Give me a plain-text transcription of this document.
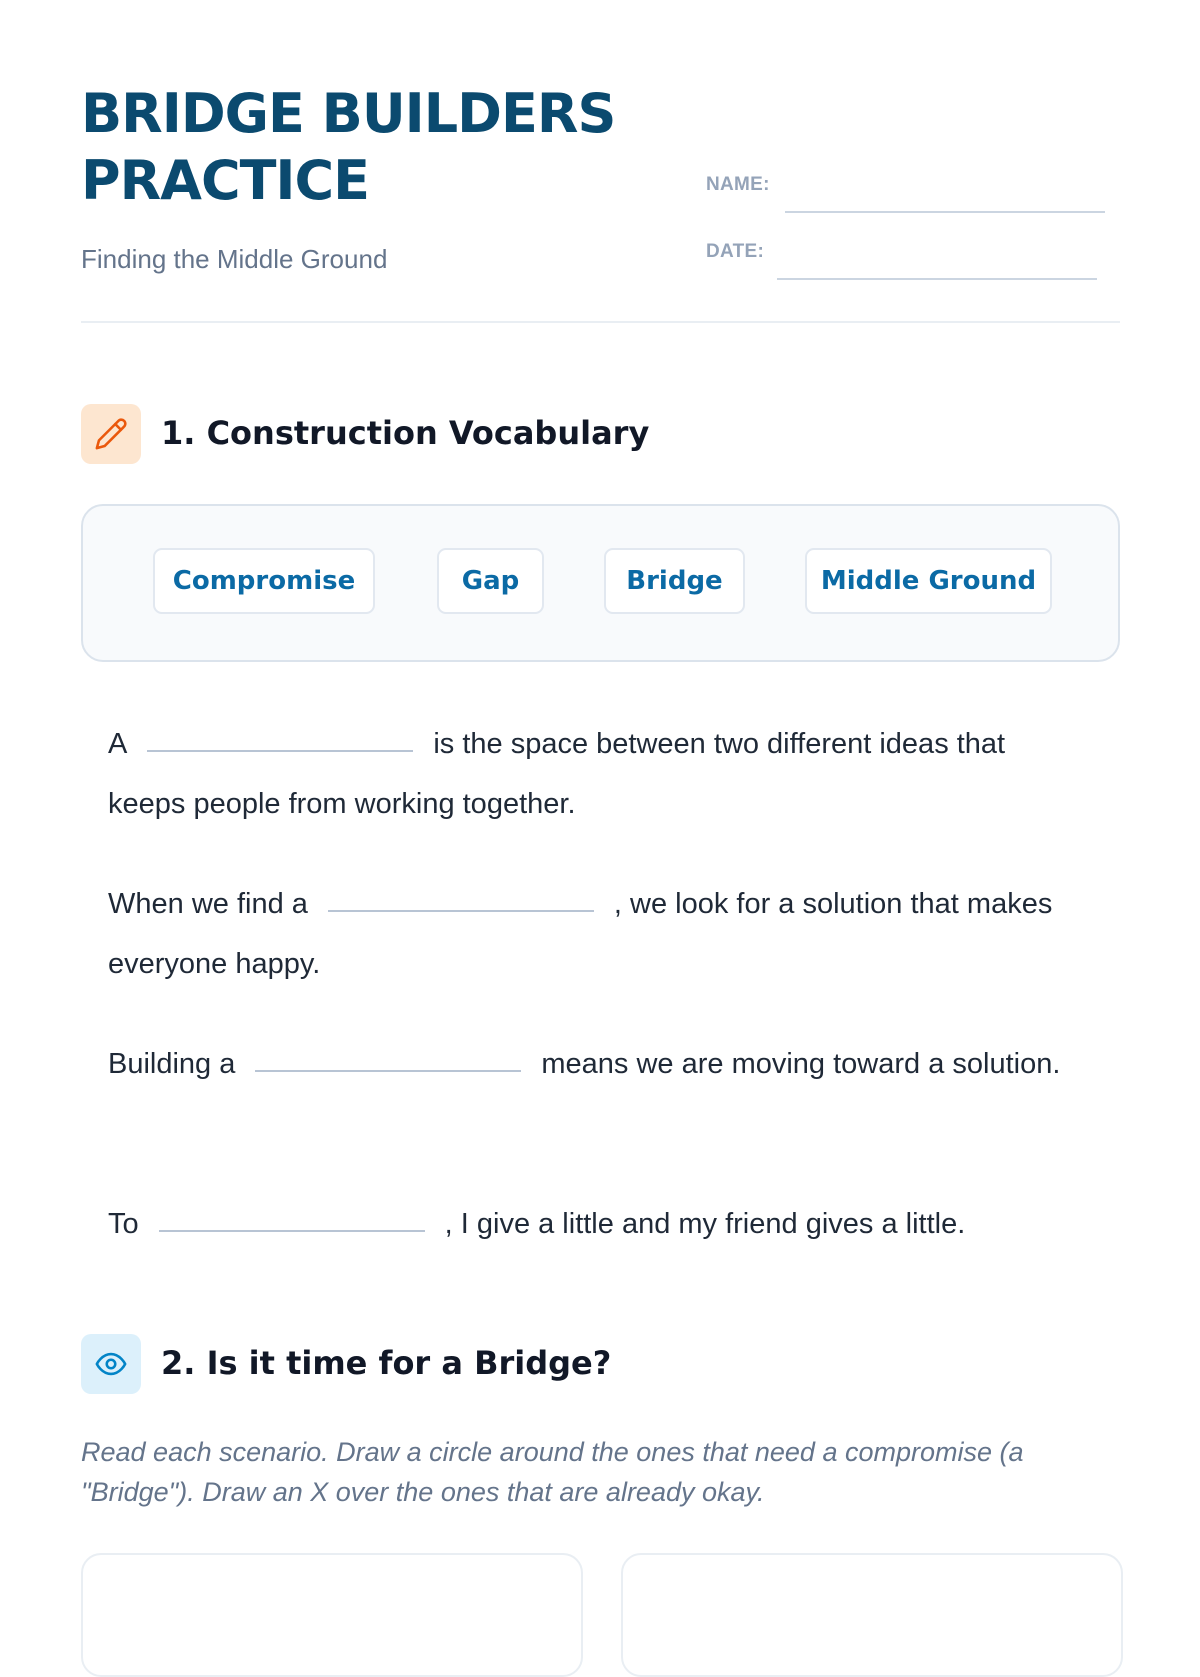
BRIDGE BUILDERS
PRACTICE
Finding the Middle Ground
NAME:
DATE:
1. Construction Vocabulary
Compromise	Gap	Bridge	Middle Ground
A	is the space between two different ideas that keeps people from working together.
When we find a	, we look for a solution that makes everyone happy.
Building a	means we are moving toward a solution.
To	, I give a little and my friend gives a little.
2. Is it time for a Bridge?
Read each scenario. Draw a circle around the ones that need a compromise (a "Bridge"). Draw an X over the ones that are already okay.
